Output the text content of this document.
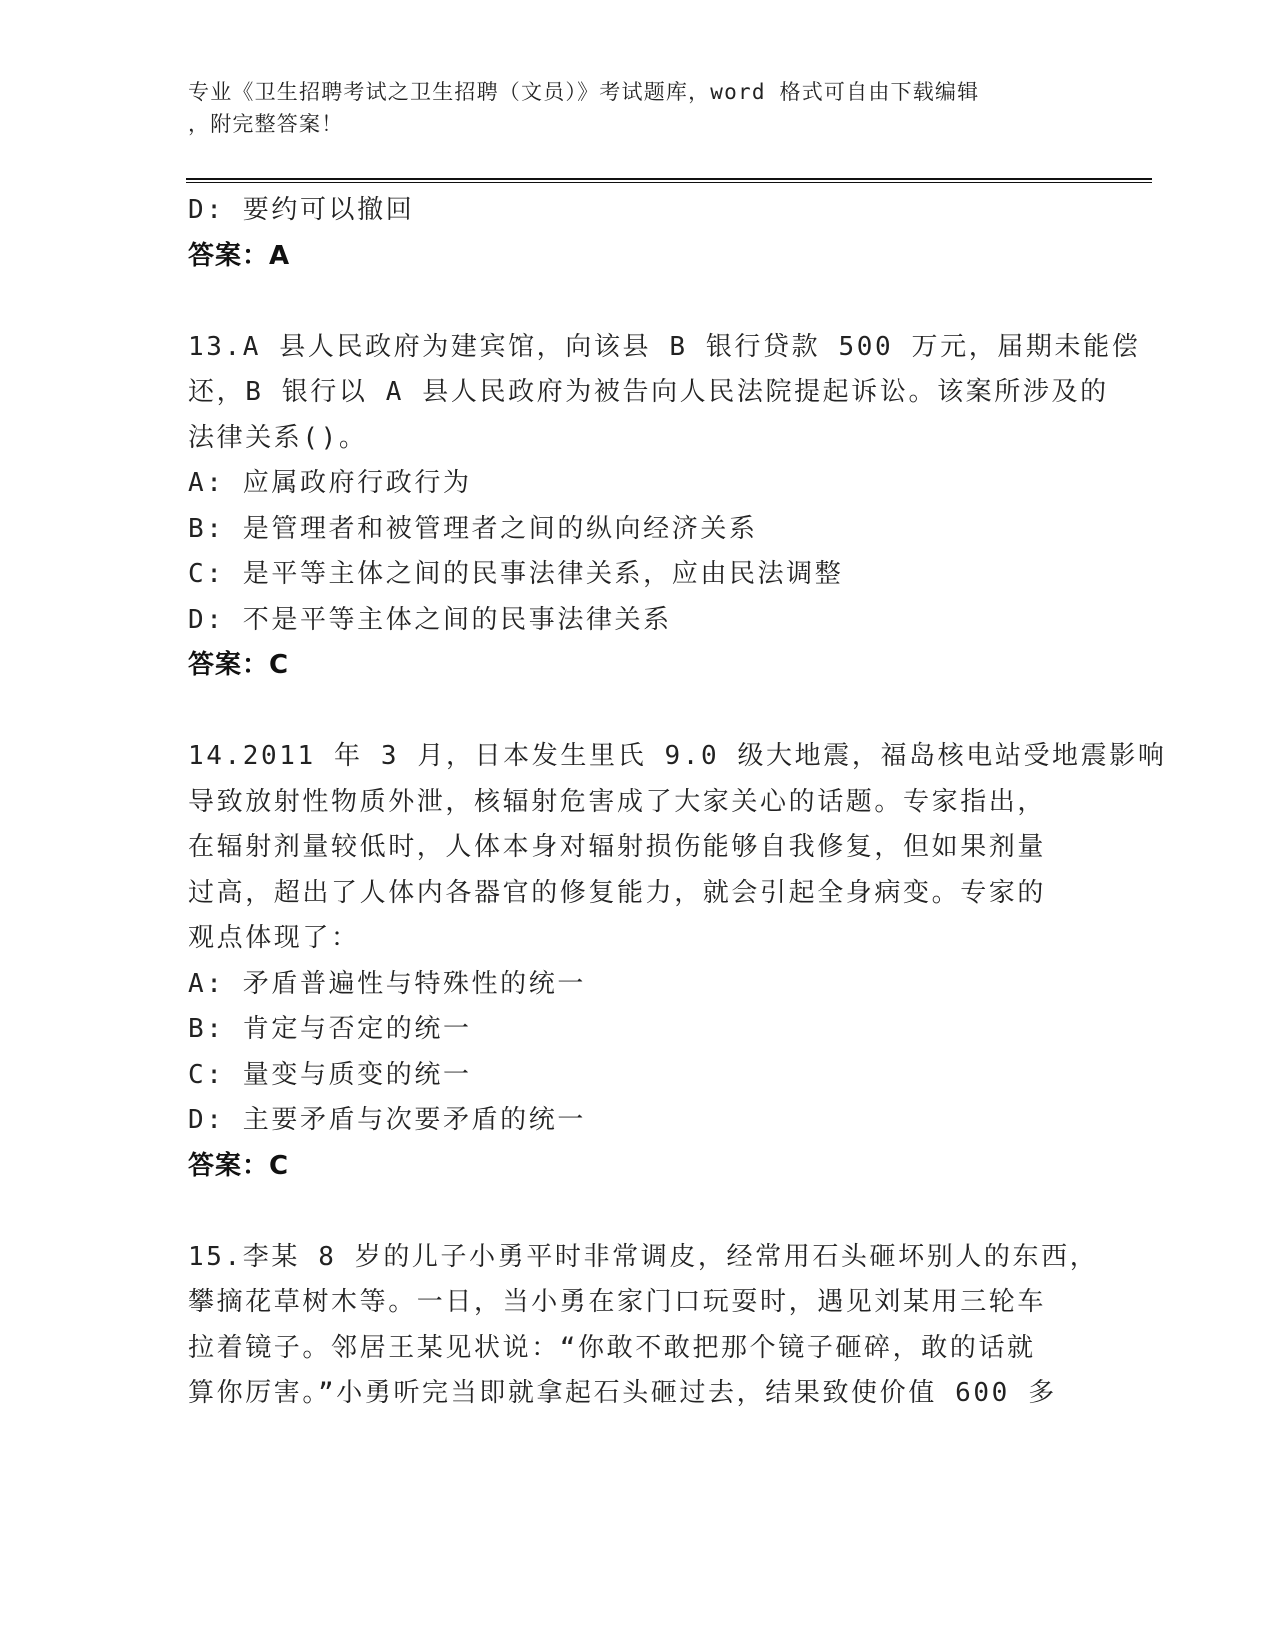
专业《卫生招聘考试之卫生招聘（文员）》考试题库，word 格式可自由下载编辑
，附完整答案！
D: 要约可以撤回
答案：A
13.A 县人民政府为建宾馆，向该县 B 银行贷款 500 万元，届期未能偿
还，B 银行以 A 县人民政府为被告向人民法院提起诉讼。该案所涉及的
法律关系()。
A: 应属政府行政行为
B: 是管理者和被管理者之间的纵向经济关系
C: 是平等主体之间的民事法律关系，应由民法调整
D: 不是平等主体之间的民事法律关系
答案：C
14.2011 年 3 月，日本发生里氏 9.0 级大地震，福岛核电站受地震影响
导致放射性物质外泄，核辐射危害成了大家关心的话题。专家指出，
在辐射剂量较低时，人体本身对辐射损伤能够自我修复，但如果剂量
过高，超出了人体内各器官的修复能力，就会引起全身病变。专家的
观点体现了：
A: 矛盾普遍性与特殊性的统一
B: 肯定与否定的统一
C: 量变与质变的统一
D: 主要矛盾与次要矛盾的统一
答案：C
15.李某 8 岁的儿子小勇平时非常调皮，经常用石头砸坏别人的东西，
攀摘花草树木等。一日，当小勇在家门口玩耍时，遇见刘某用三轮车
拉着镜子。邻居王某见状说：“你敢不敢把那个镜子砸碎，敢的话就
算你厉害。”小勇听完当即就拿起石头砸过去，结果致使价值 600 多
